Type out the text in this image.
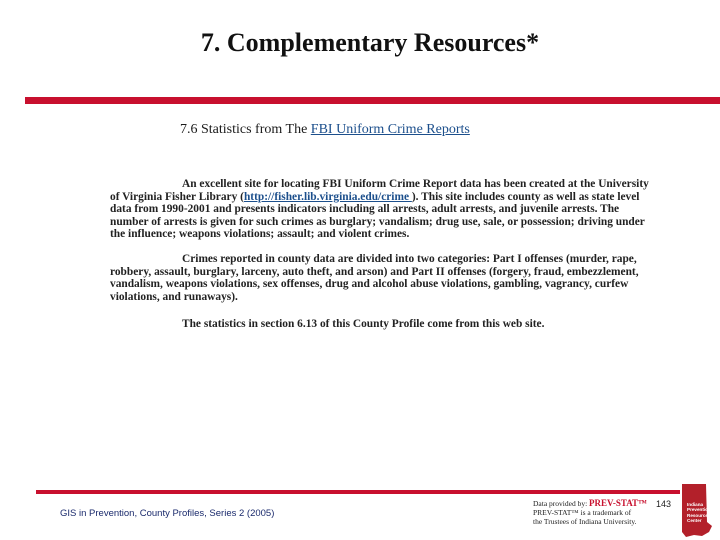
7. Complementary Resources*
7.6 Statistics from The FBI Uniform Crime Reports
An excellent site for locating FBI Uniform Crime Report data has been created at the University of Virginia Fisher Library (http://fisher.lib.virginia.edu/crime ). This site includes county as well as state level data from 1990-2001 and presents indicators including all arrests, adult arrests, and juvenile arrests. The number of arrests is given for such crimes as burglary; vandalism; drug use, sale, or possession; driving under the influence; weapons violations; assault; and violent crimes.
Crimes reported in county data are divided into two categories: Part I offenses (murder, rape, robbery, assault, burglary, larceny, auto theft, and arson) and Part II offenses (forgery, fraud, embezzlement, vandalism, weapons violations, sex offenses, drug and alcohol abuse violations, gambling, vagrancy, curfew violations, and runaways).
The statistics in section 6.13 of this County Profile come from this web site.
GIS in Prevention, County Profiles, Series 2 (2005)
Data provided by: PREV-STAT™
PREV-STAT™ is a trademark of
the Trustees of Indiana University.
143	Indiana Prevention Resource Center
